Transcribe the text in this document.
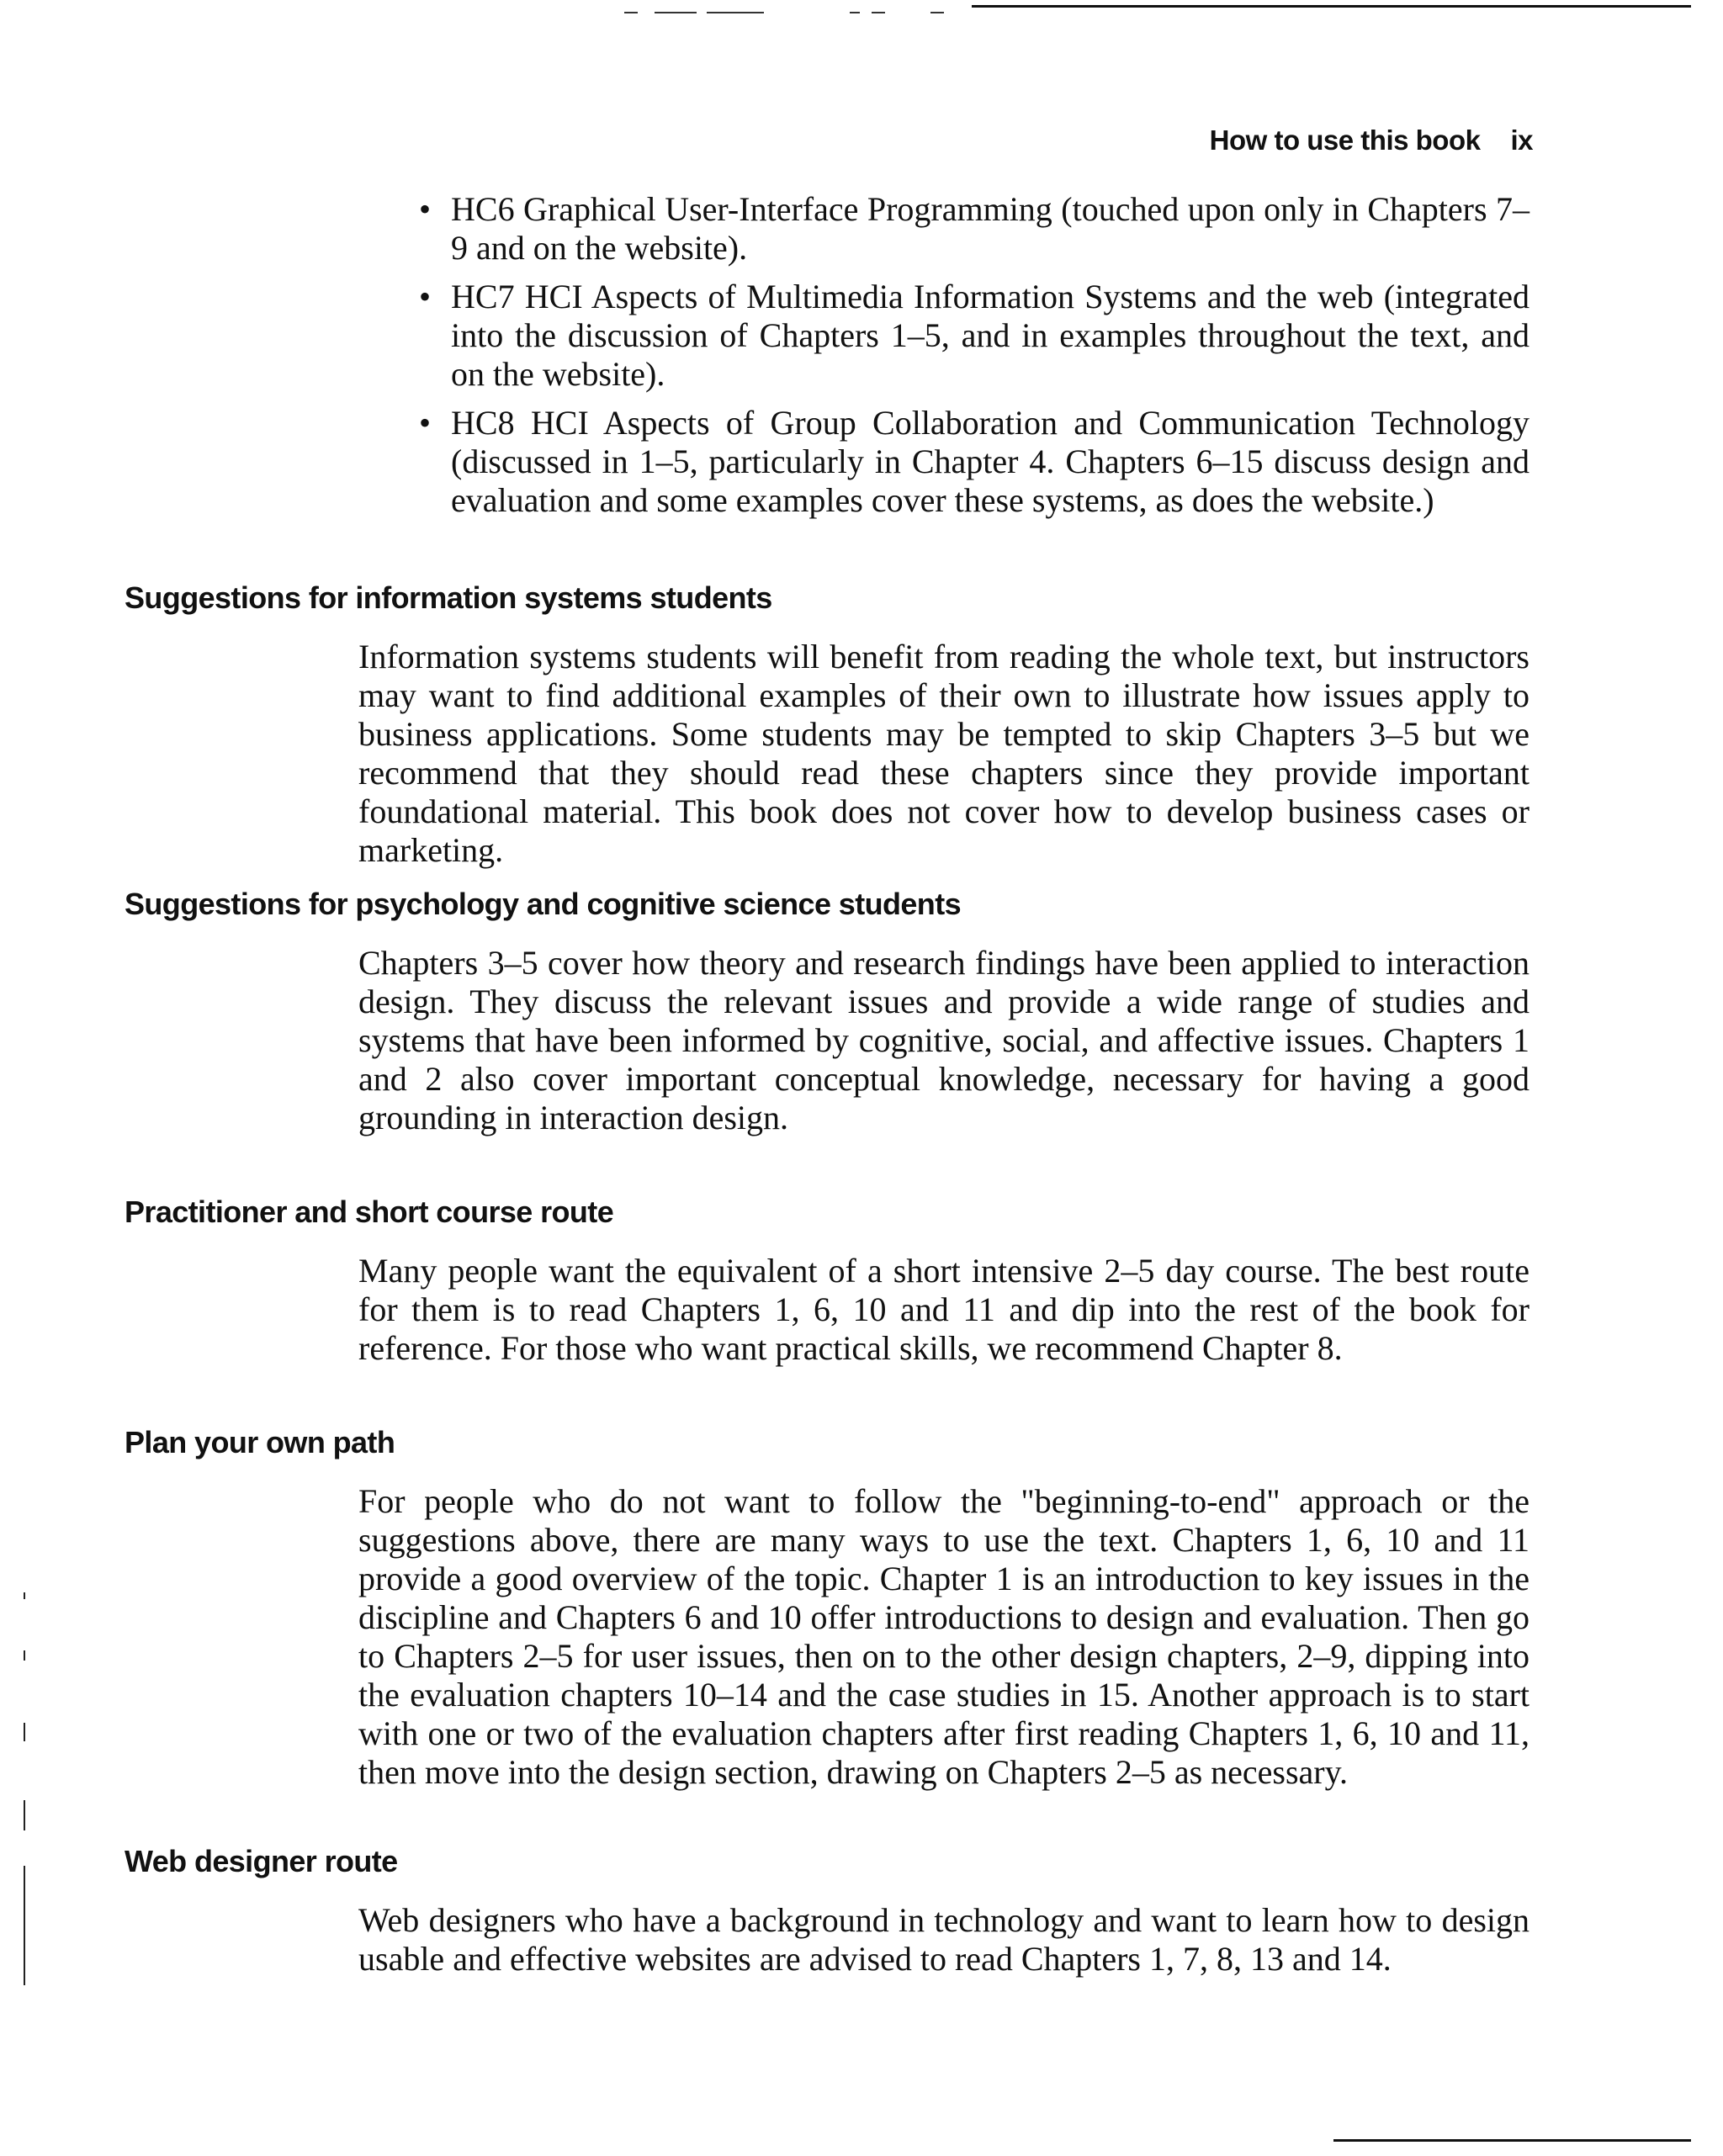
How to use this book ix
• HC6 Graphical User-Interface Programming (touched upon only in Chapters 7–9 and on the website).
• HC7 HCI Aspects of Multimedia Information Systems and the web (integrated into the discussion of Chapters 1–5, and in examples throughout the text, and on the website).
• HC8 HCI Aspects of Group Collaboration and Communication Technology (discussed in 1–5, particularly in Chapter 4. Chapters 6–15 discuss design and evaluation and some examples cover these systems, as does the website.)
Suggestions for information systems students

Information systems students will benefit from reading the whole text, but instructors may want to find additional examples of their own to illustrate how issues apply to business applications. Some students may be tempted to skip Chapters 3–5 but we recommend that they should read these chapters since they provide important foundational material. This book does not cover how to develop business cases or marketing.

Suggestions for psychology and cognitive science students

Chapters 3–5 cover how theory and research findings have been applied to interaction design. They discuss the relevant issues and provide a wide range of studies and systems that have been informed by cognitive, social, and affective issues. Chapters 1 and 2 also cover important conceptual knowledge, necessary for having a good grounding in interaction design.

Practitioner and short course route

Many people want the equivalent of a short intensive 2–5 day course. The best route for them is to read Chapters 1, 6, 10 and 11 and dip into the rest of the book for reference. For those who want practical skills, we recommend Chapter 8.

Plan your own path

For people who do not want to follow the "beginning-to-end" approach or the suggestions above, there are many ways to use the text. Chapters 1, 6, 10 and 11 provide a good overview of the topic. Chapter 1 is an introduction to key issues in the discipline and Chapters 6 and 10 offer introductions to design and evaluation. Then go to Chapters 2–5 for user issues, then on to the other design chapters, 2–9, dipping into the evaluation chapters 10–14 and the case studies in 15. Another approach is to start with one or two of the evaluation chapters after first reading Chapters 1, 6, 10 and 11, then move into the design section, drawing on Chapters 2–5 as necessary.

Web designer route

Web designers who have a background in technology and want to learn how to design usable and effective websites are advised to read Chapters 1, 7, 8, 13 and 14.
